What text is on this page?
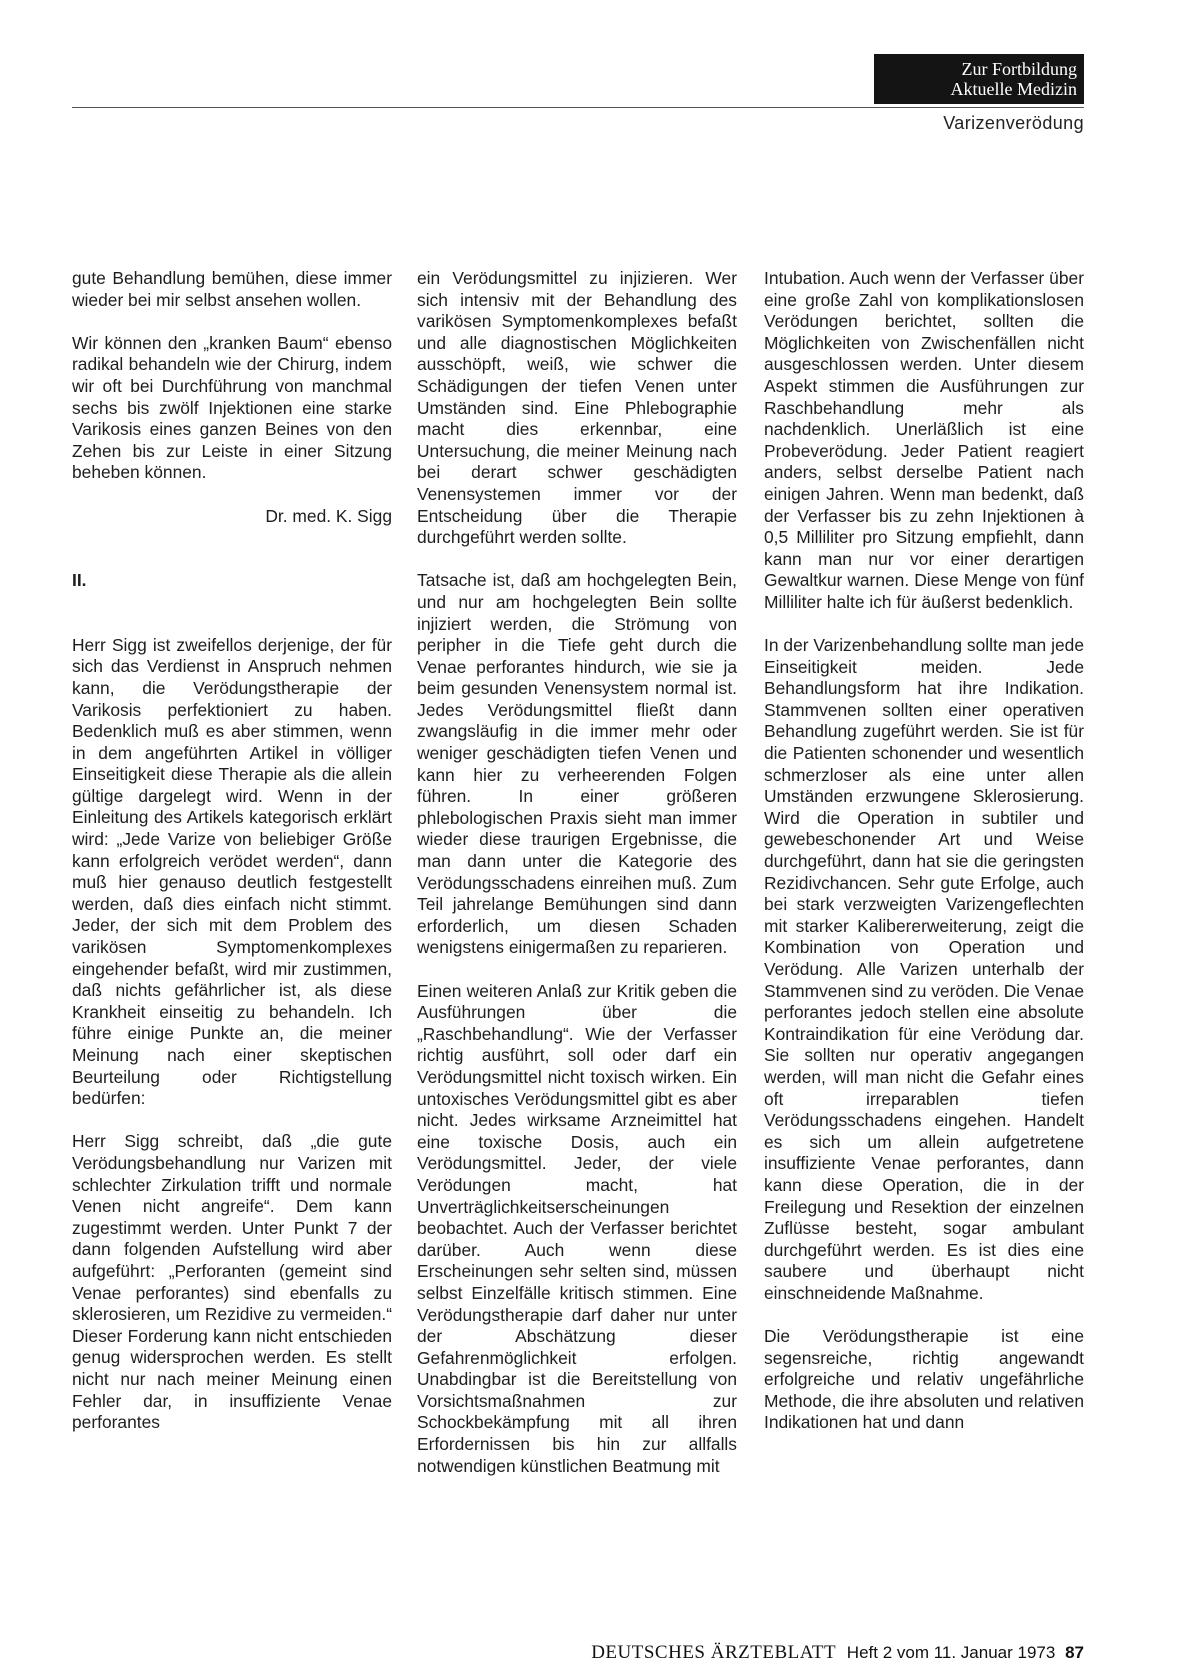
Zur Fortbildung
Aktuelle Medizin
Varizenverödung

gute Behandlung bemühen, diese immer wieder bei mir selbst ansehen wollen.

Wir können den „kranken Baum“ ebenso radikal behandeln wie der Chirurg, indem wir oft bei Durchführung von manchmal sechs bis zwölf Injektionen eine starke Varikosis eines ganzen Beines von den Zehen bis zur Leiste in einer Sitzung beheben können.

Dr. med. K. Sigg

II.

Herr Sigg ist zweifellos derjenige, der für sich das Verdienst in Anspruch nehmen kann, die Verödungstherapie der Varikosis perfektioniert zu haben. Bedenklich muß es aber stimmen, wenn in dem angeführten Artikel in völliger Einseitigkeit diese Therapie als die allein gültige dargelegt wird. Wenn in der Einleitung des Artikels kategorisch erklärt wird: „Jede Varize von beliebiger Größe kann erfolgreich verödet werden“, dann muß hier genauso deutlich festgestellt werden, daß dies einfach nicht stimmt. Jeder, der sich mit dem Problem des varikösen Symptomenkomplexes eingehender befaßt, wird mir zustimmen, daß nichts gefährlicher ist, als diese Krankheit einseitig zu behandeln. Ich führe einige Punkte an, die meiner Meinung nach einer skeptischen Beurteilung oder Richtigstellung bedürfen:

Herr Sigg schreibt, daß „die gute Verödungsbehandlung nur Varizen mit schlechter Zirkulation trifft und normale Venen nicht angreife“. Dem kann zugestimmt werden. Unter Punkt 7 der dann folgenden Aufstellung wird aber aufgeführt: „Perforanten (gemeint sind Venae perforantes) sind ebenfalls zu sklerosieren, um Rezidive zu vermeiden.“ Dieser Forderung kann nicht entschieden genug widersprochen werden. Es stellt nicht nur nach meiner Meinung einen Fehler dar, in insuffiziente Venae perforantes

ein Verödungsmittel zu injizieren. Wer sich intensiv mit der Behandlung des varikösen Symptomenkomplexes befaßt und alle diagnostischen Möglichkeiten ausschöpft, weiß, wie schwer die Schädigungen der tiefen Venen unter Umständen sind. Eine Phlebographie macht dies erkennbar, eine Untersuchung, die meiner Meinung nach bei derart schwer geschädigten Venensystemen immer vor der Entscheidung über die Therapie durchgeführt werden sollte.

Tatsache ist, daß am hochgelegten Bein, und nur am hochgelegten Bein sollte injiziert werden, die Strömung von peripher in die Tiefe geht durch die Venae perforantes hindurch, wie sie ja beim gesunden Venensystem normal ist. Jedes Verödungsmittel fließt dann zwangsläufig in die immer mehr oder weniger geschädigten tiefen Venen und kann hier zu verheerenden Folgen führen. In einer größeren phlebologischen Praxis sieht man immer wieder diese traurigen Ergebnisse, die man dann unter die Kategorie des Verödungsschadens einreihen muß. Zum Teil jahrelange Bemühungen sind dann erforderlich, um diesen Schaden wenigstens einigermaßen zu reparieren.

Einen weiteren Anlaß zur Kritik geben die Ausführungen über die „Raschbehandlung“. Wie der Verfasser richtig ausführt, soll oder darf ein Verödungsmittel nicht toxisch wirken. Ein untoxisches Verödungsmittel gibt es aber nicht. Jedes wirksame Arzneimittel hat eine toxische Dosis, auch ein Verödungsmittel. Jeder, der viele Verödungen macht, hat Unverträglichkeitserscheinungen beobachtet. Auch der Verfasser berichtet darüber. Auch wenn diese Erscheinungen sehr selten sind, müssen selbst Einzelfälle kritisch stimmen. Eine Verödungstherapie darf daher nur unter der Abschätzung dieser Gefahrenmöglichkeit erfolgen. Unabdingbar ist die Bereitstellung von Vorsichtsmaßnahmen zur Schockbekämpfung mit all ihren Erfordernissen bis hin zur allfalls notwendigen künstlichen Beatmung mit

Intubation. Auch wenn der Verfasser über eine große Zahl von komplikationslosen Verödungen berichtet, sollten die Möglichkeiten von Zwischenfällen nicht ausgeschlossen werden. Unter diesem Aspekt stimmen die Ausführungen zur Raschbehandlung mehr als nachdenklich. Unerläßlich ist eine Probeverödung. Jeder Patient reagiert anders, selbst derselbe Patient nach einigen Jahren. Wenn man bedenkt, daß der Verfasser bis zu zehn Injektionen à 0,5 Milliliter pro Sitzung empfiehlt, dann kann man nur vor einer derartigen Gewaltkur warnen. Diese Menge von fünf Milliliter halte ich für äußerst bedenklich.

In der Varizenbehandlung sollte man jede Einseitigkeit meiden. Jede Behandlungsform hat ihre Indikation. Stammvenen sollten einer operativen Behandlung zugeführt werden. Sie ist für die Patienten schonender und wesentlich schmerzloser als eine unter allen Umständen erzwungene Sklerosierung. Wird die Operation in subtiler und gewebeschonender Art und Weise durchgeführt, dann hat sie die geringsten Rezidivchancen. Sehr gute Erfolge, auch bei stark verzweigten Varizengeflechten mit starker Kalibererweiterung, zeigt die Kombination von Operation und Verödung. Alle Varizen unterhalb der Stammvenen sind zu veröden. Die Venae perforantes jedoch stellen eine absolute Kontraindikation für eine Verödung dar. Sie sollten nur operativ angegangen werden, will man nicht die Gefahr eines oft irreparablen tiefen Verödungsschadens eingehen. Handelt es sich um allein aufgetretene insuffiziente Venae perforantes, dann kann diese Operation, die in der Freilegung und Resektion der einzelnen Zuflüsse besteht, sogar ambulant durchgeführt werden. Es ist dies eine saubere und überhaupt nicht einschneidende Maßnahme.

Die Verödungstherapie ist eine segensreiche, richtig angewandt erfolgreiche und relativ ungefährliche Methode, die ihre absoluten und relativen Indikationen hat und dann

DEUTSCHES ÄRZTEBLATT Heft 2 vom 11. Januar 1973 87
